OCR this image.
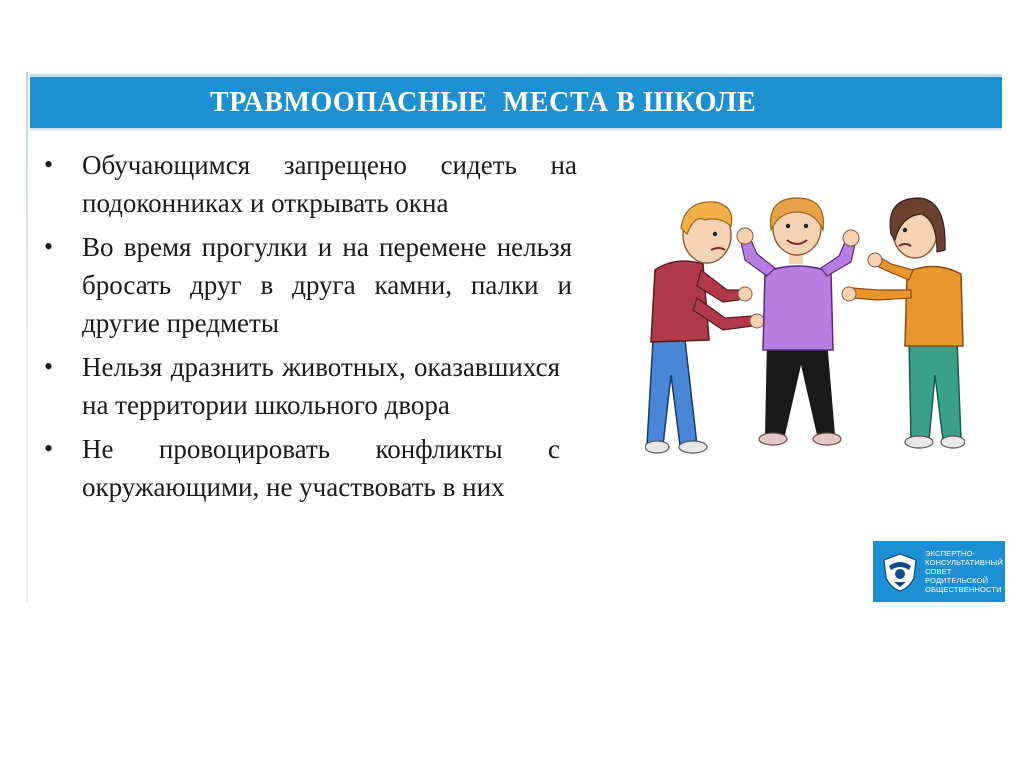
ТРАВМООПАСНЫЕ  МЕСТА В ШКОЛЕ
• Обучающимся запрещено сидеть на подоконниках и открывать окна
• Во время прогулки и на перемене нельзя бросать друг в друга камни, палки и другие предметы
• Нельзя дразнить животных, оказавшихся на территории школьного двора
• Не провоцировать конфликты с окружающими, не участвовать в них
ЭКСПЕРТНО-
КОНСУЛЬТАТИВНЫЙ
СОВЕТ
РОДИТЕЛЬСКОЙ
ОБЩЕСТВЕННОСТИ
